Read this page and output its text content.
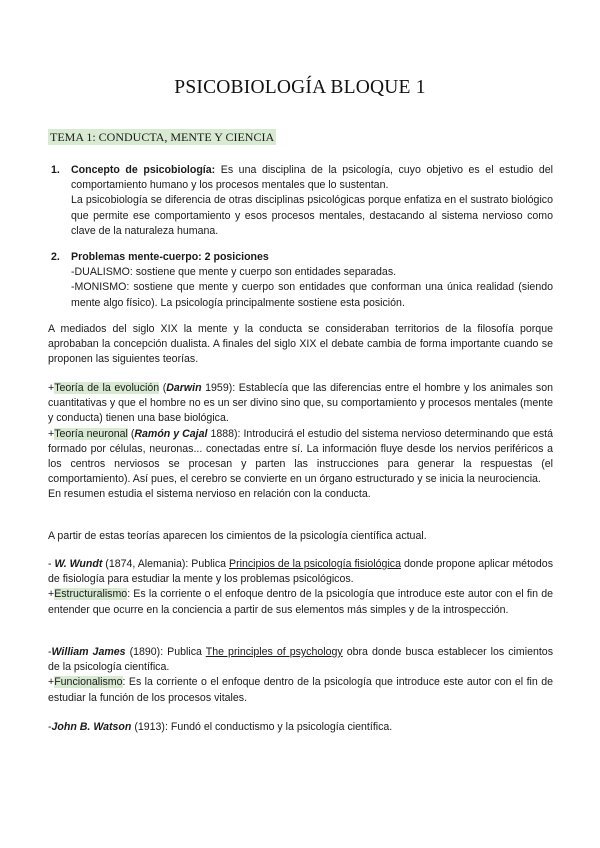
PSICOBIOLOGÍA BLOQUE 1
TEMA 1: CONDUCTA, MENTE Y CIENCIA
1. Concepto de psicobiología: Es una disciplina de la psicología, cuyo objetivo es el estudio del comportamiento humano y los procesos mentales que lo sustentan.
La psicobiología se diferencia de otras disciplinas psicológicas porque enfatiza en el sustrato biológico que permite ese comportamiento y esos procesos mentales, destacando al sistema nervioso como clave de la naturaleza humana.
2. Problemas mente-cuerpo: 2 posiciones
-DUALISMO: sostiene que mente y cuerpo son entidades separadas.
-MONISMO: sostiene que mente y cuerpo son entidades que conforman una única realidad (siendo mente algo físico). La psicología principalmente sostiene esta posición.
A mediados del siglo XIX la mente y la conducta se consideraban territorios de la filosofía porque aprobaban la concepción dualista. A finales del siglo XIX el debate cambia de forma importante cuando se proponen las siguientes teorías.
+Teoría de la evolución (Darwin 1959): Establecía que las diferencias entre el hombre y los animales son cuantitativas y que el hombre no es un ser divino sino que, su comportamiento y procesos mentales (mente y conducta) tienen una base biológica.
+Teoría neuronal (Ramón y Cajal 1888): Introducirá el estudio del sistema nervioso determinando que está formado por células, neuronas... conectadas entre sí. La información fluye desde los nervios periféricos a los centros nerviosos se procesan y parten las instrucciones para generar la respuestas (el comportamiento). Así pues, el cerebro se convierte en un órgano estructurado y se inicia la neurociencia.
En resumen estudia el sistema nervioso en relación con la conducta.
A partir de estas teorías aparecen los cimientos de la psicología científica actual.
- W. Wundt (1874, Alemania): Publica Principios de la psicología fisiológica donde propone aplicar métodos de fisiología para estudiar la mente y los problemas psicológicos.
+Estructuralismo: Es la corriente o el enfoque dentro de la psicología que introduce este autor con el fin de entender que ocurre en la conciencia a partir de sus elementos más simples y de la introspección.
-William James (1890): Publica The principles of psychology obra donde busca establecer los cimientos de la psicología científica.
+Funcionalismo: Es la corriente o el enfoque dentro de la psicología que introduce este autor con el fin de estudiar la función de los procesos vitales.
-John B. Watson (1913): Fundó el conductismo y la psicología científica.
